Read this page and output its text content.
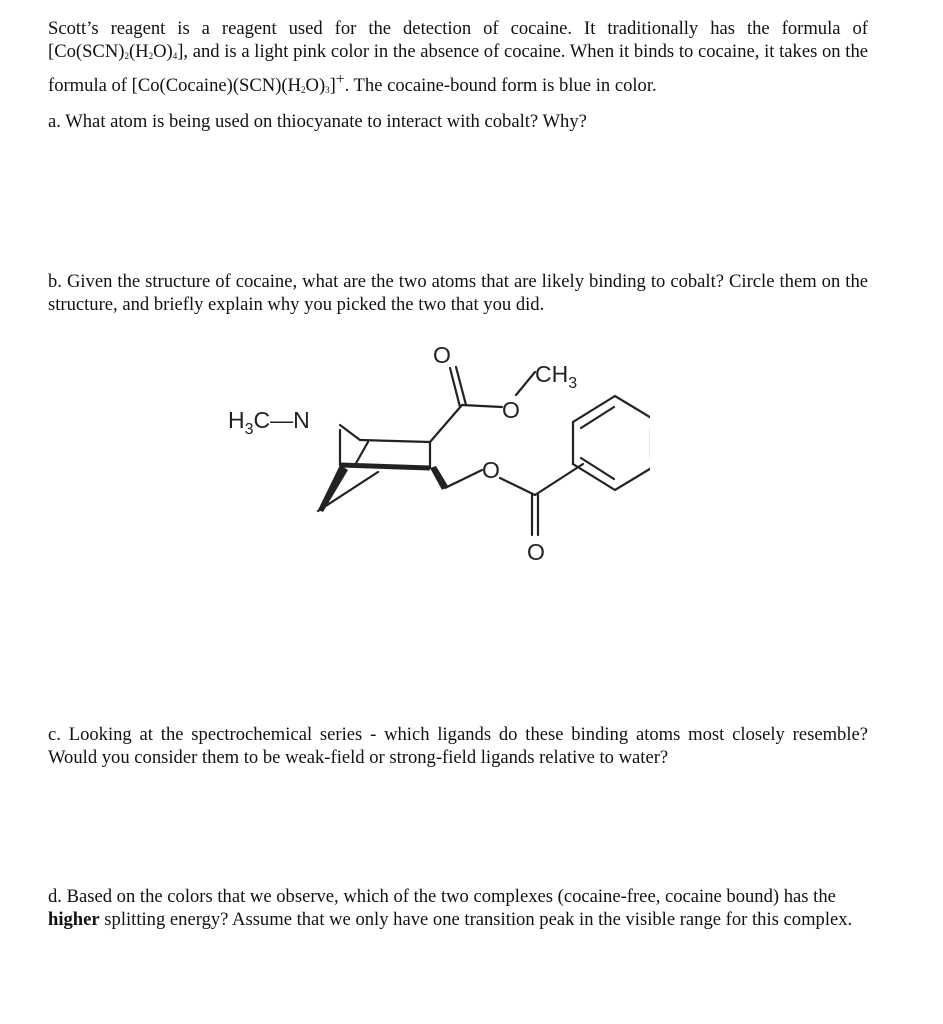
Scott’s reagent is a reagent used for the detection of cocaine. It traditionally has the formula of $[Co(SCN)_2(H_2O)_4]$, and is a light pink color in the absence of cocaine. When it binds to cocaine, it takes on the formula of $[Co(Cocaine)(SCN)(H_2O)_3]^+$. The cocaine-bound form is blue in color.

a. What atom is being used on thiocyanate to interact with cobalt? Why?

b. Given the structure of cocaine, what are the two atoms that are likely binding to cobalt? Circle them on the structure, and briefly explain why you picked the two that you did.

$H_3C—N$
O
O
$CH_3$
O
O

c. Looking at the spectrochemical series - which ligands do these binding atoms most closely resemble? Would you consider them to be weak-field or strong-field ligands relative to water?

d. Based on the colors that we observe, which of the two complexes (cocaine-free, cocaine bound) has the higher splitting energy? Assume that we only have one transition peak in the visible range for this complex.
